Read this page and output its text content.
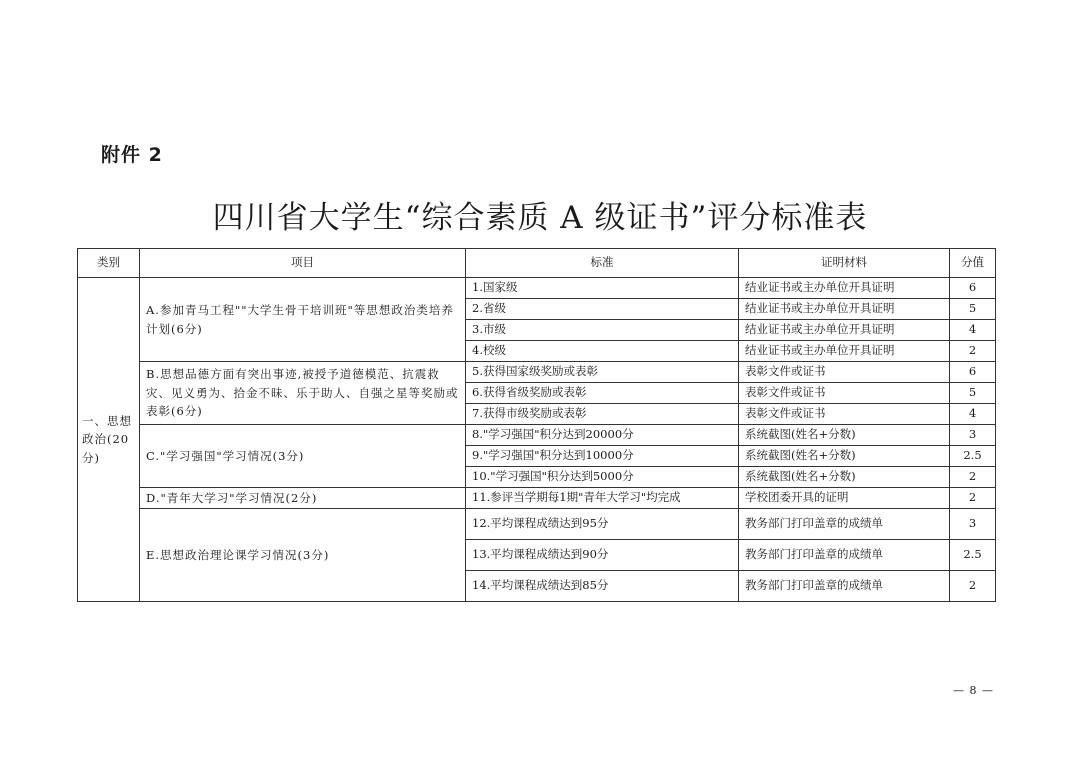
附件 2
四川省大学生“综合素质 A 级证书”评分标准表
类别	项目	标准	证明材料	分值
一、思想政治(20分)	A.参加青马工程""大学生骨干培训班"等思想政治类培养计划(6分)	1.国家级	结业证书或主办单位开具证明	6
		2.省级	结业证书或主办单位开具证明	5
		3.市级	结业证书或主办单位开具证明	4
		4.校级	结业证书或主办单位开具证明	2
	B.思想品德方面有突出事迹,被授予道德模范、抗震救灾、见义勇为、拾金不昧、乐于助人、自强之星等奖励或表彰(6分)	5.获得国家级奖励或表彰	表彰文件或证书	6
		6.获得省级奖励或表彰	表彰文件或证书	5
		7.获得市级奖励或表彰	表彰文件或证书	4
	C."学习强国"学习情况(3分)	8."学习强国"积分达到20000分	系统截图(姓名+分数)	3
		9."学习强国"积分达到10000分	系统截图(姓名+分数)	2.5
		10."学习强国"积分达到5000分	系统截图(姓名+分数)	2
	D."青年大学习"学习情况(2分)	11.参评当学期每1期"青年大学习"均完成	学校团委开具的证明	2
	E.思想政治理论课学习情况(3分)	12.平均课程成绩达到95分	教务部门打印盖章的成绩单	3
		13.平均课程成绩达到90分	教务部门打印盖章的成绩单	2.5
		14.平均课程成绩达到85分	教务部门打印盖章的成绩单	2
— 8 —
